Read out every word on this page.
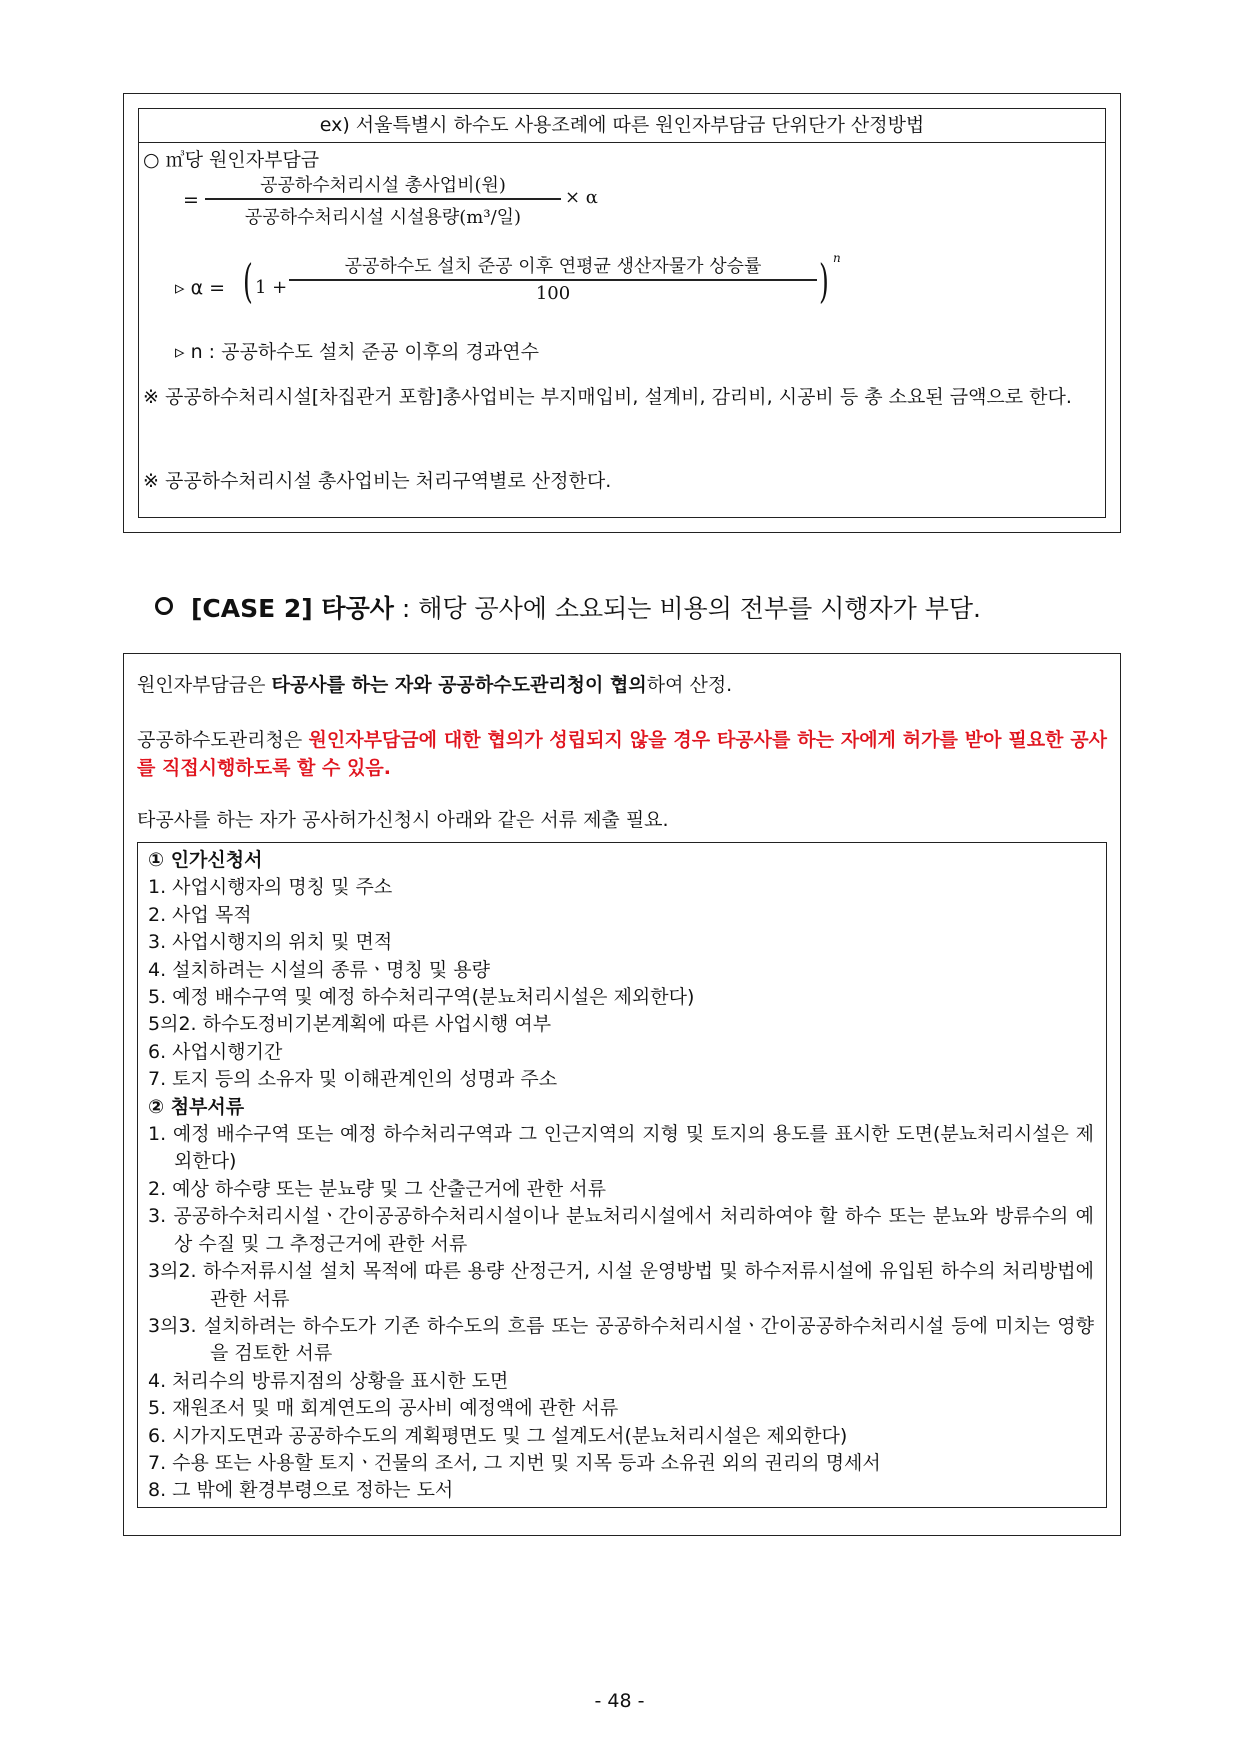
ex) 서울특별시 하수도 사용조례에 따른 원인자부담금 단위단가 산정방법
○ ㎥당 원인자부담금
=
공공하수처리시설 총사업비(원)
공공하수처리시설 시설용량(m³/일)
× α
▹ α = ( 1 +
공공하수도 설치 준공 이후 연평균 생산자물가 상승률
100	) n
▹ n : 공공하수도 설치 준공 이후의 경과연수
※ 공공하수처리시설[차집관거 포함]총사업비는 부지매입비, 설계비, 감리비, 시공비 등 총 소요된 금액으로 한다.
※ 공공하수처리시설 총사업비는 처리구역별로 산정한다.
[CASE 2] 타공사 : 해당 공사에 소요되는 비용의 전부를 시행자가 부담.
원인자부담금은 타공사를 하는 자와 공공하수도관리청이 협의하여 산정.
공공하수도관리청은 원인자부담금에 대한 협의가 성립되지 않을 경우 타공사를 하는 자에게 허가를 받아 필요한 공사를 직접시행하도록 할 수 있음.
타공사를 하는 자가 공사허가신청시 아래와 같은 서류 제출 필요.
① 인가신청서
1. 사업시행자의 명칭 및 주소
2. 사업 목적
3. 사업시행지의 위치 및 면적
4. 설치하려는 시설의 종류ㆍ명칭 및 용량
5. 예정 배수구역 및 예정 하수처리구역(분뇨처리시설은 제외한다)
5의2. 하수도정비기본계획에 따른 사업시행 여부
6. 사업시행기간
7. 토지 등의 소유자 및 이해관계인의 성명과 주소
② 첨부서류
1. 예정 배수구역 또는 예정 하수처리구역과 그 인근지역의 지형 및 토지의 용도를 표시한 도면(분뇨처리시설은 제외한다)
2. 예상 하수량 또는 분뇨량 및 그 산출근거에 관한 서류
3. 공공하수처리시설ㆍ간이공공하수처리시설이나 분뇨처리시설에서 처리하여야 할 하수 또는 분뇨와 방류수의 예상 수질 및 그 추정근거에 관한 서류
3의2. 하수저류시설 설치 목적에 따른 용량 산정근거, 시설 운영방법 및 하수저류시설에 유입된 하수의 처리방법에 관한 서류
3의3. 설치하려는 하수도가 기존 하수도의 흐름 또는 공공하수처리시설ㆍ간이공공하수처리시설 등에 미치는 영향을 검토한 서류
4. 처리수의 방류지점의 상황을 표시한 도면
5. 재원조서 및 매 회계연도의 공사비 예정액에 관한 서류
6. 시가지도면과 공공하수도의 계획평면도 및 그 설계도서(분뇨처리시설은 제외한다)
7. 수용 또는 사용할 토지ㆍ건물의 조서, 그 지번 및 지목 등과 소유권 외의 권리의 명세서
8. 그 밖에 환경부령으로 정하는 도서
- 48 -
